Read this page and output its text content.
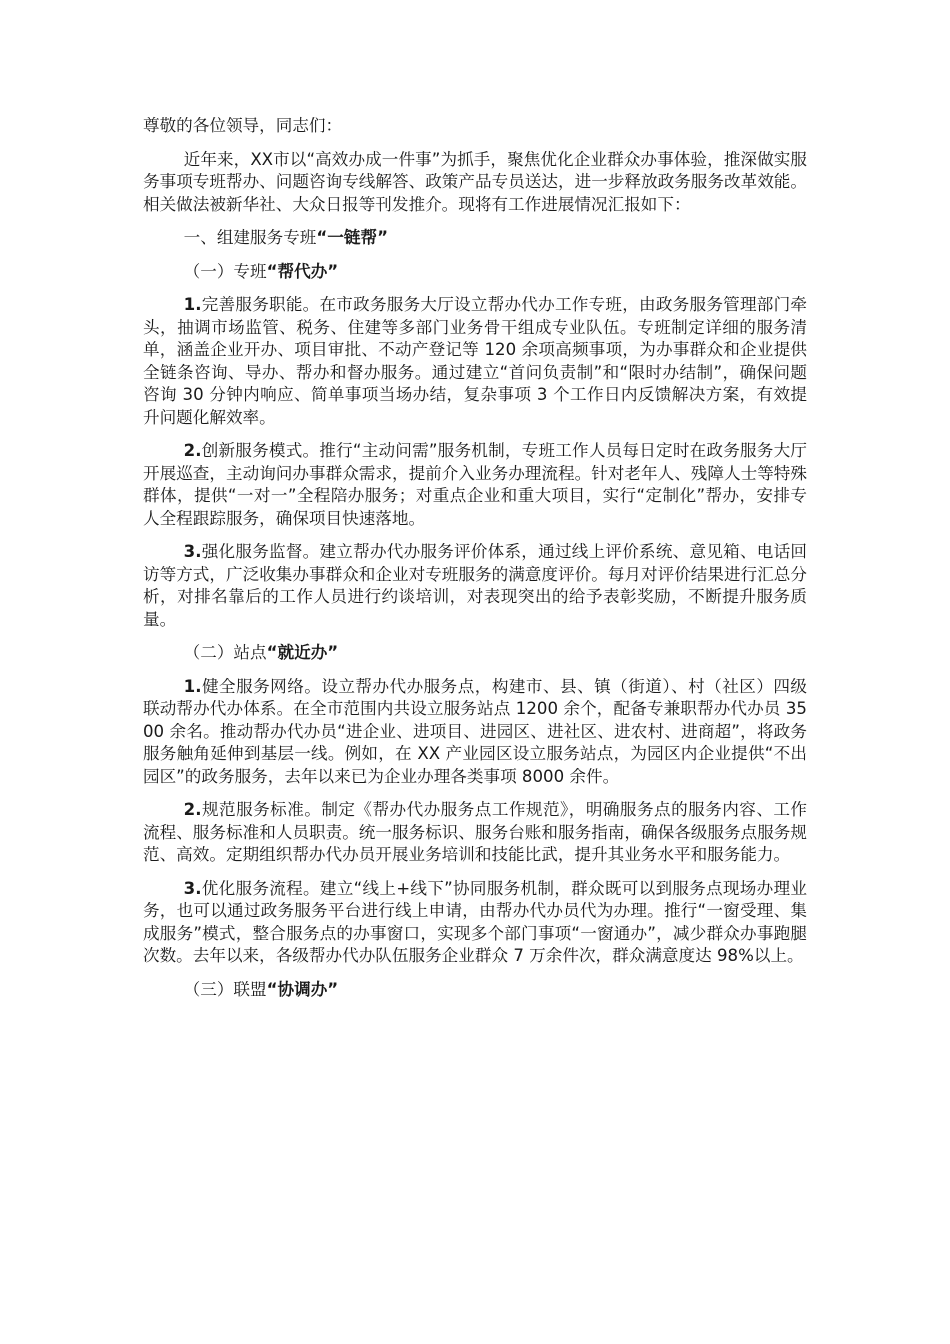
尊敬的各位领导，同志们：

近年来，XX市以“高效办成一件事”为抓手，聚焦优化企业群众办事体验，推深做实服务事项专班帮办、问题咨询专线解答、政策产品专员送达，进一步释放政务服务改革效能。相关做法被新华社、大众日报等刊发推介。现将有工作进展情况汇报如下：

一、组建服务专班“一链帮”

（一）专班“帮代办”

1.完善服务职能。在市政务服务大厅设立帮办代办工作专班，由政务服务管理部门牵头，抽调市场监管、税务、住建等多部门业务骨干组成专业队伍。专班制定详细的服务清单，涵盖企业开办、项目审批、不动产登记等 120 余项高频事项，为办事群众和企业提供全链条咨询、导办、帮办和督办服务。通过建立“首问负责制”和“限时办结制”，确保问题咨询 30 分钟内响应、简单事项当场办结，复杂事项 3 个工作日内反馈解决方案，有效提升问题化解效率。

2.创新服务模式。推行“主动问需”服务机制，专班工作人员每日定时在政务服务大厅开展巡查，主动询问办事群众需求，提前介入业务办理流程。针对老年人、残障人士等特殊群体，提供“一对一”全程陪办服务；对重点企业和重大项目，实行“定制化”帮办，安排专人全程跟踪服务，确保项目快速落地。

3.强化服务监督。建立帮办代办服务评价体系，通过线上评价系统、意见箱、电话回访等方式，广泛收集办事群众和企业对专班服务的满意度评价。每月对评价结果进行汇总分析，对排名靠后的工作人员进行约谈培训，对表现突出的给予表彰奖励，不断提升服务质量。

（二）站点“就近办”

1.健全服务网络。设立帮办代办服务点，构建市、县、镇（街道）、村（社区）四级联动帮办代办体系。在全市范围内共设立服务站点 1200 余个，配备专兼职帮办代办员 3500 余名。推动帮办代办员“进企业、进项目、进园区、进社区、进农村、进商超”，将政务服务触角延伸到基层一线。例如，在 XX 产业园区设立服务站点，为园区内企业提供“不出园区”的政务服务，去年以来已为企业办理各类事项 8000 余件。

2.规范服务标准。制定《帮办代办服务点工作规范》，明确服务点的服务内容、工作流程、服务标准和人员职责。统一服务标识、服务台账和服务指南，确保各级服务点服务规范、高效。定期组织帮办代办员开展业务培训和技能比武，提升其业务水平和服务能力。

3.优化服务流程。建立“线上+线下”协同服务机制，群众既可以到服务点现场办理业务，也可以通过政务服务平台进行线上申请，由帮办代办员代为办理。推行“一窗受理、集成服务”模式，整合服务点的办事窗口，实现多个部门事项“一窗通办”，减少群众办事跑腿次数。去年以来，各级帮办代办队伍服务企业群众 7 万余件次，群众满意度达 98%以上。

（三）联盟“协调办”
